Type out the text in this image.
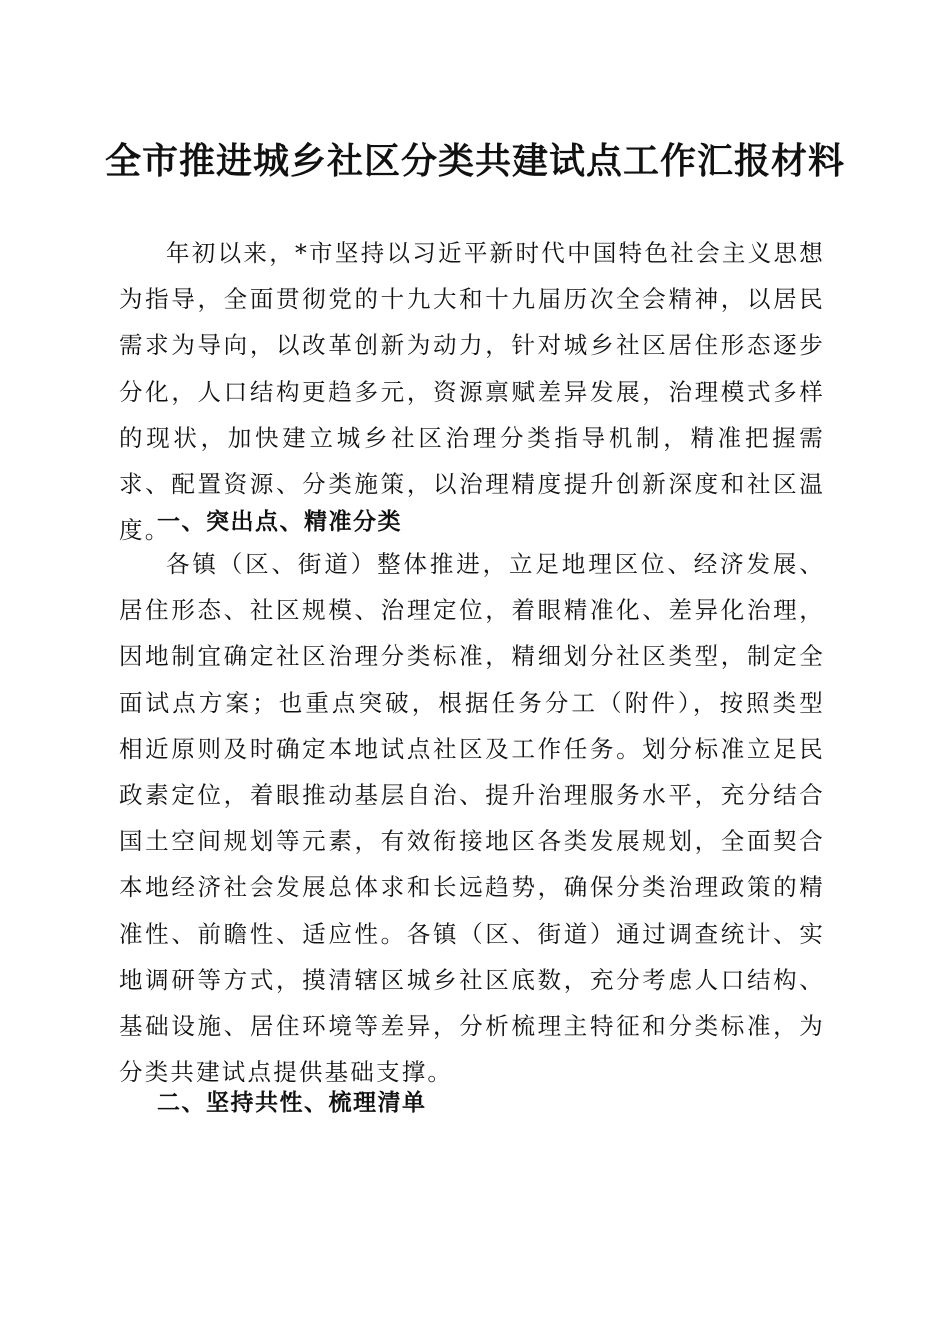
全市推进城乡社区分类共建试点工作汇报材料

年初以来，*市坚持以习近平新时代中国特色社会主义思想为指导，全面贯彻党的十九大和十九届历次全会精神，以居民需求为导向，以改革创新为动力，针对城乡社区居住形态逐步分化，人口结构更趋多元，资源禀赋差异发展，治理模式多样的现状，加快建立城乡社区治理分类指导机制，精准把握需求、配置资源、分类施策，以治理精度提升创新深度和社区温度。

一、突出点、精准分类

各镇（区、街道）整体推进，立足地理区位、经济发展、居住形态、社区规模、治理定位，着眼精准化、差异化治理，因地制宜确定社区治理分类标准，精细划分社区类型，制定全面试点方案；也重点突破，根据任务分工（附件），按照类型相近原则及时确定本地试点社区及工作任务。划分标准立足民政素定位，着眼推动基层自治、提升治理服务水平，充分结合国土空间规划等元素，有效衔接地区各类发展规划，全面契合本地经济社会发展总体求和长远趋势，确保分类治理政策的精准性、前瞻性、适应性。各镇（区、街道）通过调查统计、实地调研等方式，摸清辖区城乡社区底数，充分考虑人口结构、基础设施、居住环境等差异，分析梳理主特征和分类标准，为分类共建试点提供基础支撑。

二、坚持共性、梳理清单
